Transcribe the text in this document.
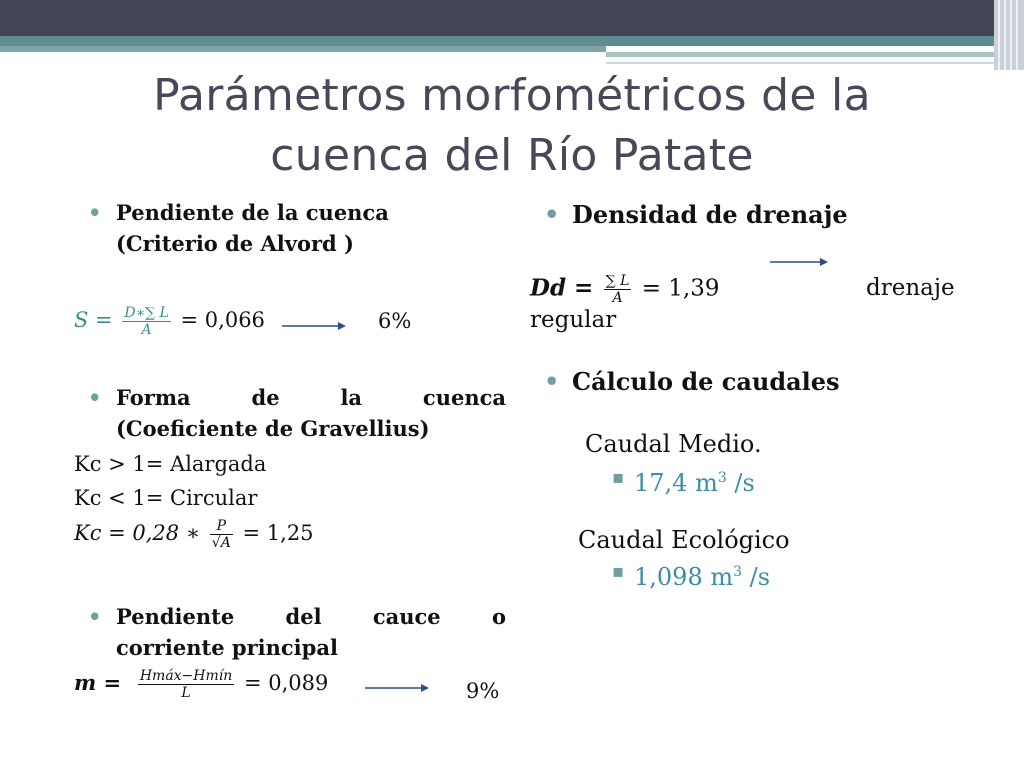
Parámetros morfométricos de la
cuenca del Río Patate
• Pendiente de la cuenca
(Criterio de Alvord )
$S = \frac{D∗\sum L}{A} = 0,066$	6%
• Forma de la cuenca
(Coeficiente de Gravellius)
Kc > 1= Alargada
Kc < 1= Circular
Kc = 0,28 ∗ $\frac{P}{√A} = 1,25$
• Pendiente del cauce o
corriente principal
$m = \frac{\text{Hmáx−Hmín}}{L} = 0,089$	9%
• Densidad de drenaje
$Dd = \frac{\sum L}{A} = 1,39$	drenaje
regular
• Cálculo de caudales
Caudal Medio.
▪ 17,4 $m^3$ /s
Caudal Ecológico
▪ 1,098 $m^3$ /s
